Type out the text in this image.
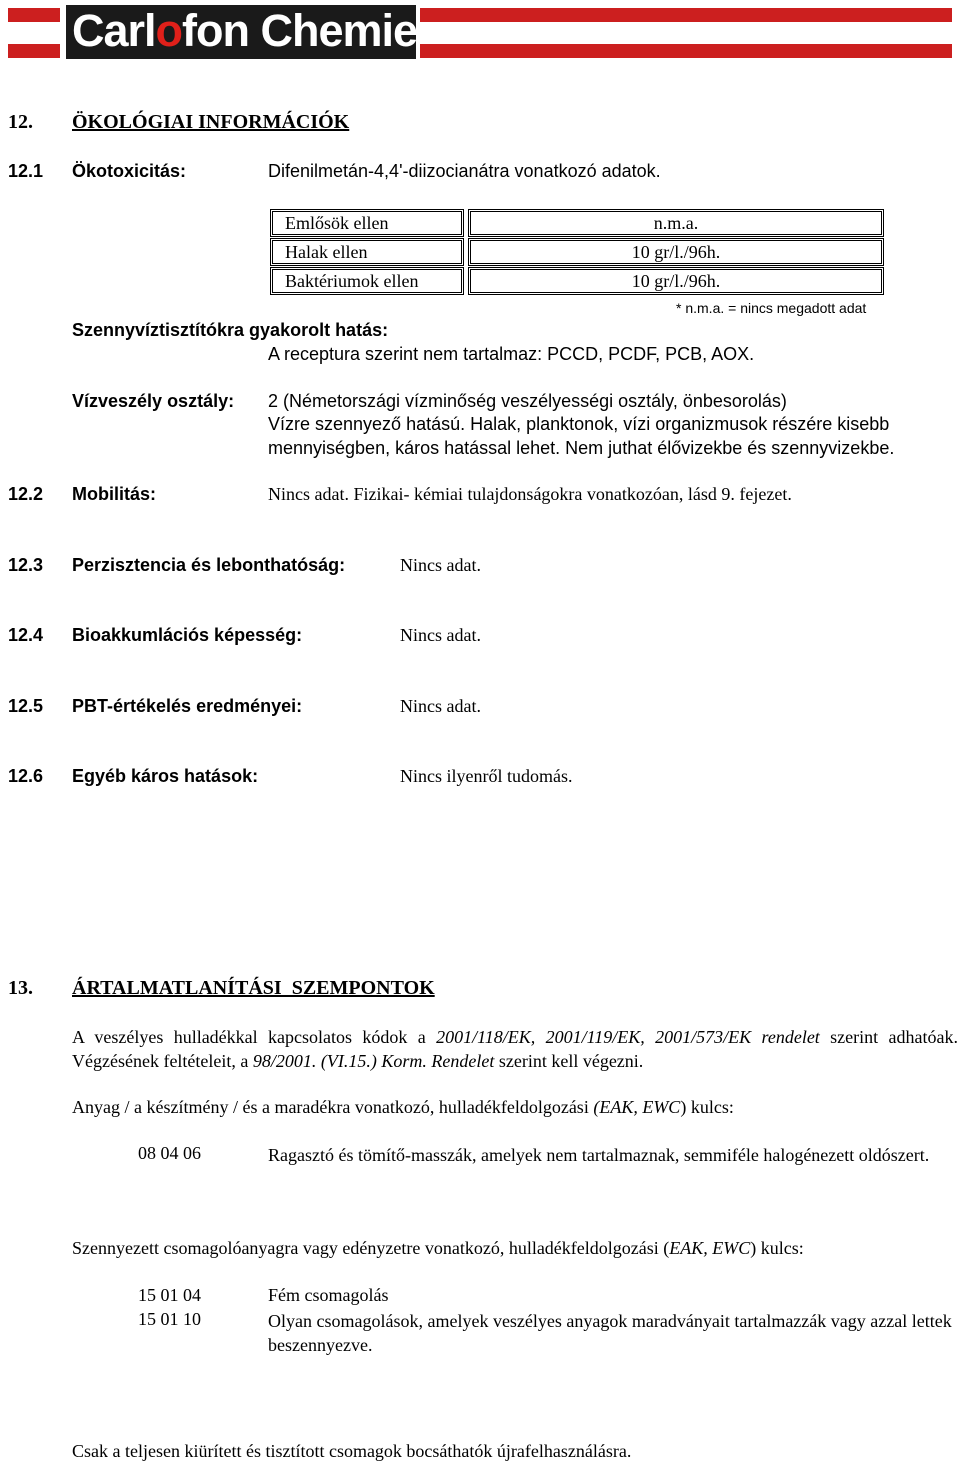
Carlofon Chemie
12. ÖKOLÓGIAI INFORMÁCIÓK
12.1 Ökotoxicitás:	Difenilmetán-4,4'-diizocianátra vonatkozó adatok.
Emlősök ellen	n.m.a.
Halak ellen	10 gr/l./96h.
Baktériumok ellen	10 gr/l./96h.
* n.m.a. = nincs megadott adat
Szennyvíztisztítókra gyakorolt hatás:
A receptura szerint nem tartalmaz: PCCD, PCDF, PCB, AOX.
Vízveszély osztály: 2 (Németországi vízminőség veszélyességi osztály, önbesorolás)
Vízre szennyező hatású. Halak, planktonok, vízi organizmusok részére kisebb
mennyiségben, káros hatással lehet. Nem juthat élővizekbe és szennyvizekbe.
12.2 Mobilitás:	Nincs adat. Fizikai- kémiai tulajdonságokra vonatkozóan, lásd 9. fejezet.
12.3 Perzisztencia és lebonthatóság:	Nincs adat.
12.4 Bioakkumlációs képesség:	Nincs adat.
12.5 PBT-értékelés eredményei:	Nincs adat.
12.6 Egyéb káros hatások:	Nincs ilyenről tudomás.
13. ÁRTALMATLANÍTÁSI  SZEMPONTOK
A veszélyes hulladékkal kapcsolatos kódok a 2001/118/EK, 2001/119/EK, 2001/573/EK rendelet szerint adhatóak. Végzésének feltételeit, a 98/2001. (VI.15.) Korm. Rendelet szerint kell végezni.
Anyag / a készítmény / és a maradékra vonatkozó, hulladékfeldolgozási (EAK, EWC) kulcs:
08 04 06	Ragasztó és tömítő-masszák, amelyek nem tartalmaznak, semmiféle halogénezett oldószert.
Szennyezett csomagolóanyagra vagy edényzetre vonatkozó, hulladékfeldolgozási (EAK, EWC) kulcs:
15 01 04	Fém csomagolás
15 01 10	Olyan csomagolások, amelyek veszélyes anyagok maradványait tartalmazzák vagy azzal lettek beszennyezve.
Csak a teljesen kiürített és tisztított csomagok bocsáthatók újrafelhasználásra.
